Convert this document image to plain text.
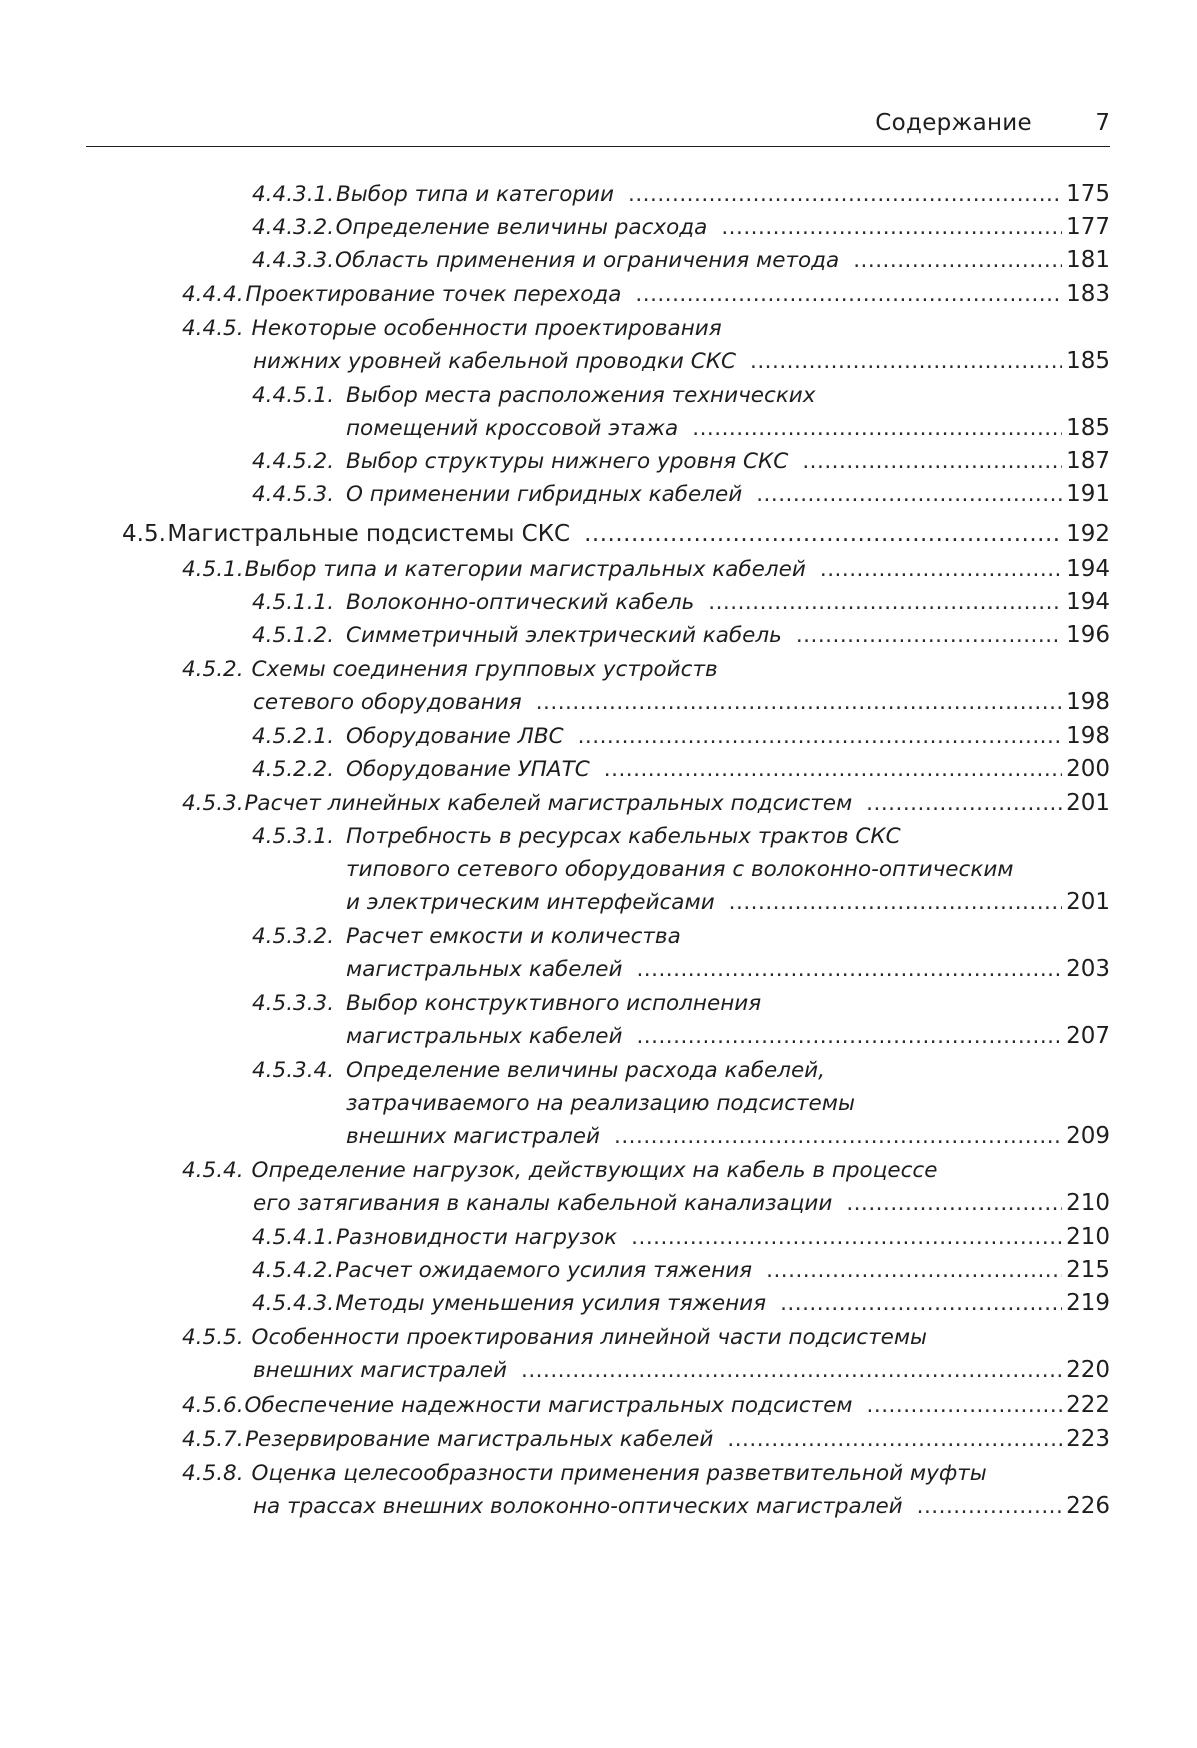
Содержание	7
4.4.3.1. Выбор типа и категории .....	175
4.4.3.2. Определение величины расхода .....	177
4.4.3.3. Область применения и ограничения метода .....	181
4.4.4. Проектирование точек перехода .....	183
4.4.5. Некоторые особенности проектирования
нижних уровней кабельной проводки СКС .....	185
4.4.5.1. Выбор места расположения технических
помещений кроссовой этажа .....	185
4.4.5.2. Выбор структуры нижнего уровня СКС .....	187
4.4.5.3. О применении гибридных кабелей .....	191
4.5. Магистральные подсистемы СКС .....	192
4.5.1. Выбор типа и категории магистральных кабелей .....	194
4.5.1.1. Волоконно-оптический кабель .....	194
4.5.1.2. Симметричный электрический кабель .....	196
4.5.2. Схемы соединения групповых устройств
сетевого оборудования .....	198
4.5.2.1. Оборудование ЛВС .....	198
4.5.2.2. Оборудование УПАТС .....	200
4.5.3. Расчет линейных кабелей магистральных подсистем .....	201
4.5.3.1. Потребность в ресурсах кабельных трактов СКС
типового сетевого оборудования с волоконно-оптическим
и электрическим интерфейсами .....	201
4.5.3.2. Расчет емкости и количества
магистральных кабелей .....	203
4.5.3.3. Выбор конструктивного исполнения
магистральных кабелей .....	207
4.5.3.4. Определение величины расхода кабелей,
затрачиваемого на реализацию подсистемы
внешних магистралей .....	209
4.5.4. Определение нагрузок, действующих на кабель в процессе
его затягивания в каналы кабельной канализации .....	210
4.5.4.1. Разновидности нагрузок .....	210
4.5.4.2. Расчет ожидаемого усилия тяжения .....	215
4.5.4.3. Методы уменьшения усилия тяжения .....	219
4.5.5. Особенности проектирования линейной части подсистемы
внешних магистралей .....	220
4.5.6. Обеспечение надежности магистральных подсистем .....	222
4.5.7. Резервирование магистральных кабелей .....	223
4.5.8. Оценка целесообразности применения разветвительной муфты
на трассах внешних волоконно-оптических магистралей .....	226
